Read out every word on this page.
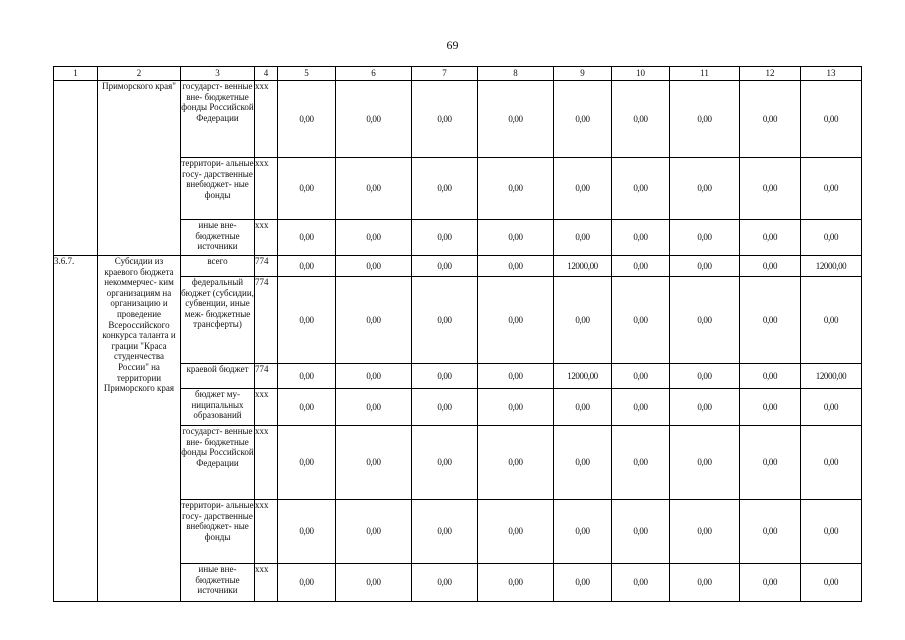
69
1	2	3	4	5	6	7	8	9	10	11	12	13
	Приморского края"	государст- венные вне- бюджетные фонды Российской Федерации	xxx	0,00	0,00	0,00	0,00	0,00	0,00	0,00	0,00	0,00
		территори- альные госу- дарственные внебюджет- ные фонды	xxx	0,00	0,00	0,00	0,00	0,00	0,00	0,00	0,00	0,00
		иные вне- бюджетные источники	xxx	0,00	0,00	0,00	0,00	0,00	0,00	0,00	0,00	0,00
3.6.7.	Субсидии из краевого бюджета некоммерчес- ким организациям на организацию и проведение Всероссийского конкурса таланта и грации "Краса студенчества России" на территории Приморского края	всего	774	0,00	0,00	0,00	0,00	12000,00	0,00	0,00	0,00	12000,00
		федеральный бюджет (субсидии, субвенции, иные меж- бюджетные трансферты)	774	0,00	0,00	0,00	0,00	0,00	0,00	0,00	0,00	0,00
		краевой бюджет	774	0,00	0,00	0,00	0,00	12000,00	0,00	0,00	0,00	12000,00
		бюджет му- ниципальных образований	xxx	0,00	0,00	0,00	0,00	0,00	0,00	0,00	0,00	0,00
		государст- венные вне- бюджетные фонды Российской Федерации	xxx	0,00	0,00	0,00	0,00	0,00	0,00	0,00	0,00	0,00
		территори- альные госу- дарственные внебюджет- ные фонды	xxx	0,00	0,00	0,00	0,00	0,00	0,00	0,00	0,00	0,00
		иные вне- бюджетные источники	xxx	0,00	0,00	0,00	0,00	0,00	0,00	0,00	0,00	0,00
